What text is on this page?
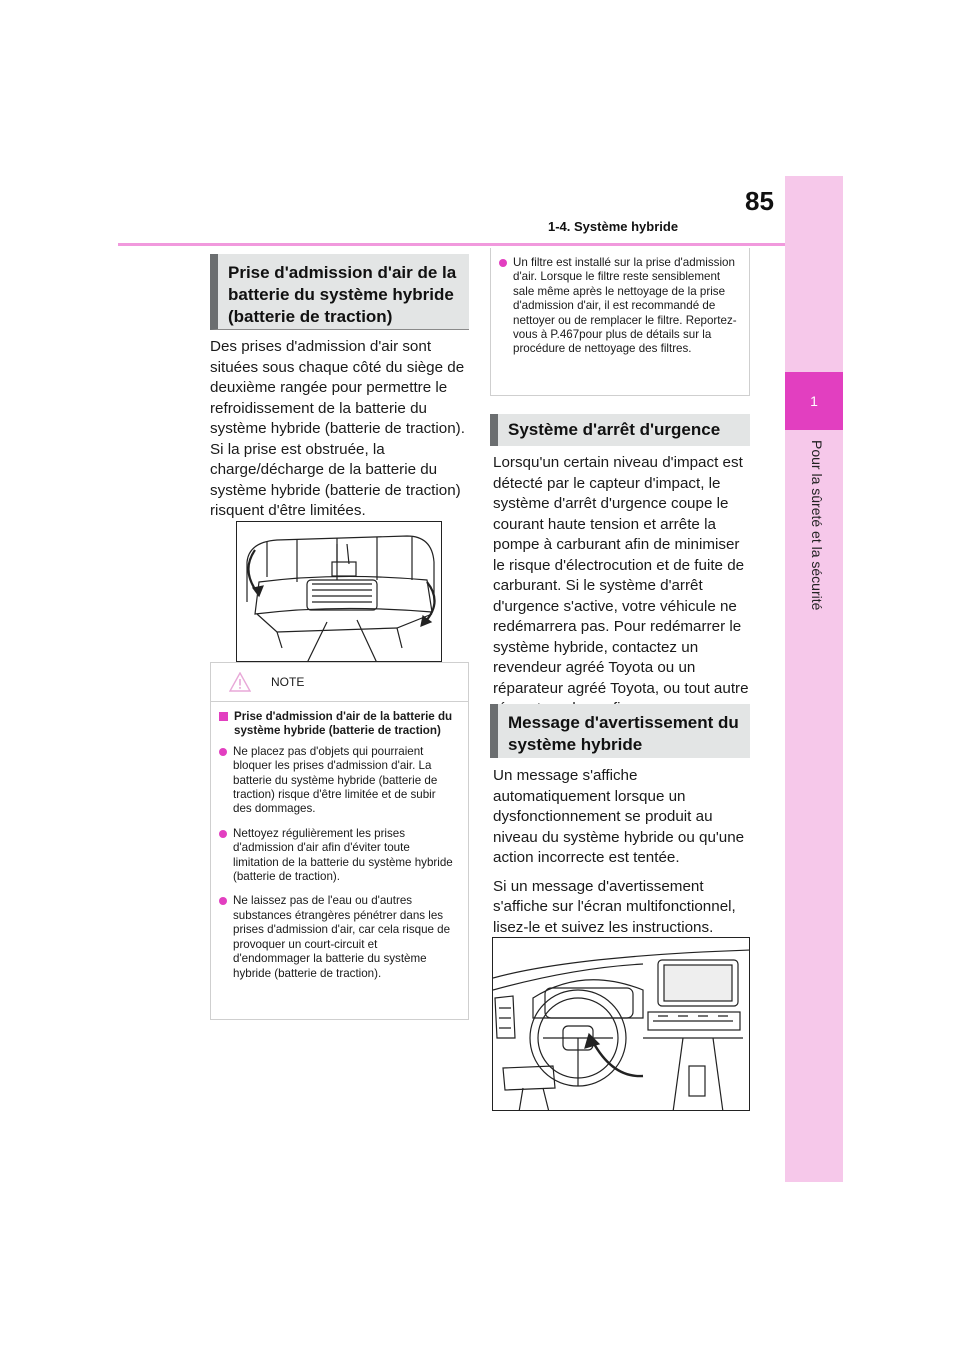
1
Pour la sûreté et la sécurité
1-4. Système hybride
85
Prise d'admission d'air de la batterie du système hybride (batterie de traction)

Des prises d'admission d'air sont situées sous chaque côté du siège de deuxième rangée pour permettre le refroidissement de la batterie du système hybride (batterie de traction). Si la prise est obstruée, la charge/décharge de la batterie du système hybride (batterie de traction) risquent d'être limitées.

NOTE
Prise d'admission d'air de la batterie du système hybride (batterie de traction)
Ne placez pas d'objets qui pourraient bloquer les prises d'admission d'air. La batterie du système hybride (batterie de traction) risque d'être limitée et de subir des dommages.
Nettoyez régulièrement les prises d'admission d'air afin d'éviter toute limitation de la batterie du système hybride (batterie de traction).
Ne laissez pas de l'eau ou d'autres substances étrangères pénétrer dans les prises d'admission d'air, car cela risque de provoquer un court-circuit et d'endommager la batterie du système hybride (batterie de traction).
Un filtre est installé sur la prise d'admission d'air. Lorsque le filtre reste sensiblement sale même après le nettoyage de la prise d'admission d'air, il est recommandé de nettoyer ou de remplacer le filtre. Reportez-vous à P.467pour plus de détails sur la procédure de nettoyage des filtres.
Système d'arrêt d'urgence

Lorsqu'un certain niveau d'impact est détecté par le capteur d'impact, le système d'arrêt d'urgence coupe le courant haute tension et arrête la pompe à carburant afin de minimiser le risque d'électrocution et de fuite de carburant. Si le système d'arrêt d'urgence s'active, votre véhicule ne redémarrera pas. Pour redémarrer le système hybride, contactez un revendeur agréé Toyota ou un réparateur agréé Toyota, ou tout autre

Message d'avertissement du système hybride

Un message s'affiche automatiquement lorsque un dysfonctionnement se produit au niveau du système hybride ou qu'une action incorrecte est tentée.

Si un message d'avertissement s'affiche sur l'écran multifonctionnel, lisez-le et suivez les instructions.
